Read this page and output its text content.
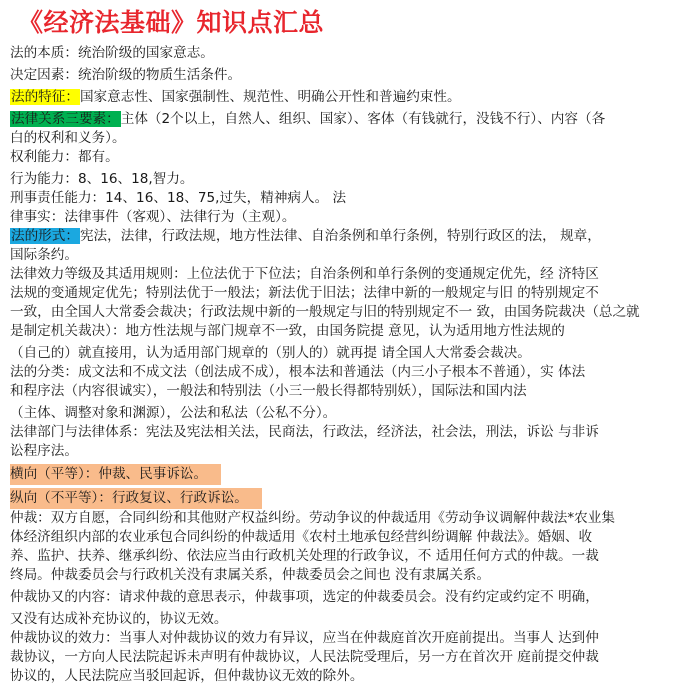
《经济法基础》知识点汇总
法的本质：统治阶级的国家意志。
决定因素：统治阶级的物质生活条件。
法的特征：国家意志性、国家强制性、规范性、明确公开性和普遍约束性。
法律关系三要素：主体（2个以上，自然人、组织、国家）、客体（有钱就行，没钱不行）、内容（各
白的权利和义务）。
权利能力：都有。
行为能力：8、16、18,智力。
刑事责任能力：14、16、18、75,过失，精神病人。 法
律事实：法律事件（客观）、法律行为（主观）。
法的形式：宪法，法律，行政法规，地方性法律、自治条例和单行条例，特别行政区的法， 规章，
国际条约。
法律效力等级及其适用规则：上位法优于下位法；自治条例和单行条例的变通规定优先，经 济特区
法规的变通规定优先；特别法优于一般法；新法优于旧法；法律中新的一般规定与旧 的特别规定不
一致，由全国人大常委会裁决；行政法规中新的一般规定与旧的特别规定不一 致，由国务院裁决（总之就
是制定机关裁决）：地方性法规与部门规章不一致，由国务院提 意见，认为适用地方性法规的
（自己的）就直接用，认为适用部门规章的（别人的）就再提 请全国人大常委会裁决。
法的分类：成文法和不成文法（创法成不成），根本法和普通法（内三小子根本不普通），实 体法
和程序法（内容很诚实），一般法和特别法（小三一般长得都特别妖），国际法和国内法
（主体、调整对象和渊源），公法和私法（公私不分）。
法律部门与法律体系：宪法及宪法相关法，民商法，行政法，经济法，社会法，刑法，诉讼 与非诉
讼程序法。
横向（平等）：仲裁、民事诉讼。
纵向（不平等）：行政复议、行政诉讼。
仲裁：双方自愿，合同纠纷和其他财产权益纠纷。劳动争议的仲裁适用《劳动争议调解仲裁法*农业集
体经济组织内部的农业承包合同纠纷的仲裁适用《农村土地承包经营纠纷调解 仲裁法》。婚姻、收
养、监护、扶养、继承纠纷、依法应当由行政机关处理的行政争议，不 适用任何方式的仲裁。一裁
终局。仲裁委员会与行政机关没有隶属关系，仲裁委员会之间也 没有隶属关系。
仲裁协又的内容：请求仲裁的意思表示，仲裁事项，选定的仲裁委员会。没有约定或约定不 明确，
又没有达成补充协议的，协议无效。
仲裁协议的效力：当事人对仲裁协议的效力有异议，应当在仲裁庭首次开庭前提出。当事人 达到仲
裁协议，一方向人民法院起诉未声明有仲裁协议，人民法院受理后，另一方在首次开 庭前提交仲裁
协议的，人民法院应当驳回起诉，但仲裁协议无效的除外。
